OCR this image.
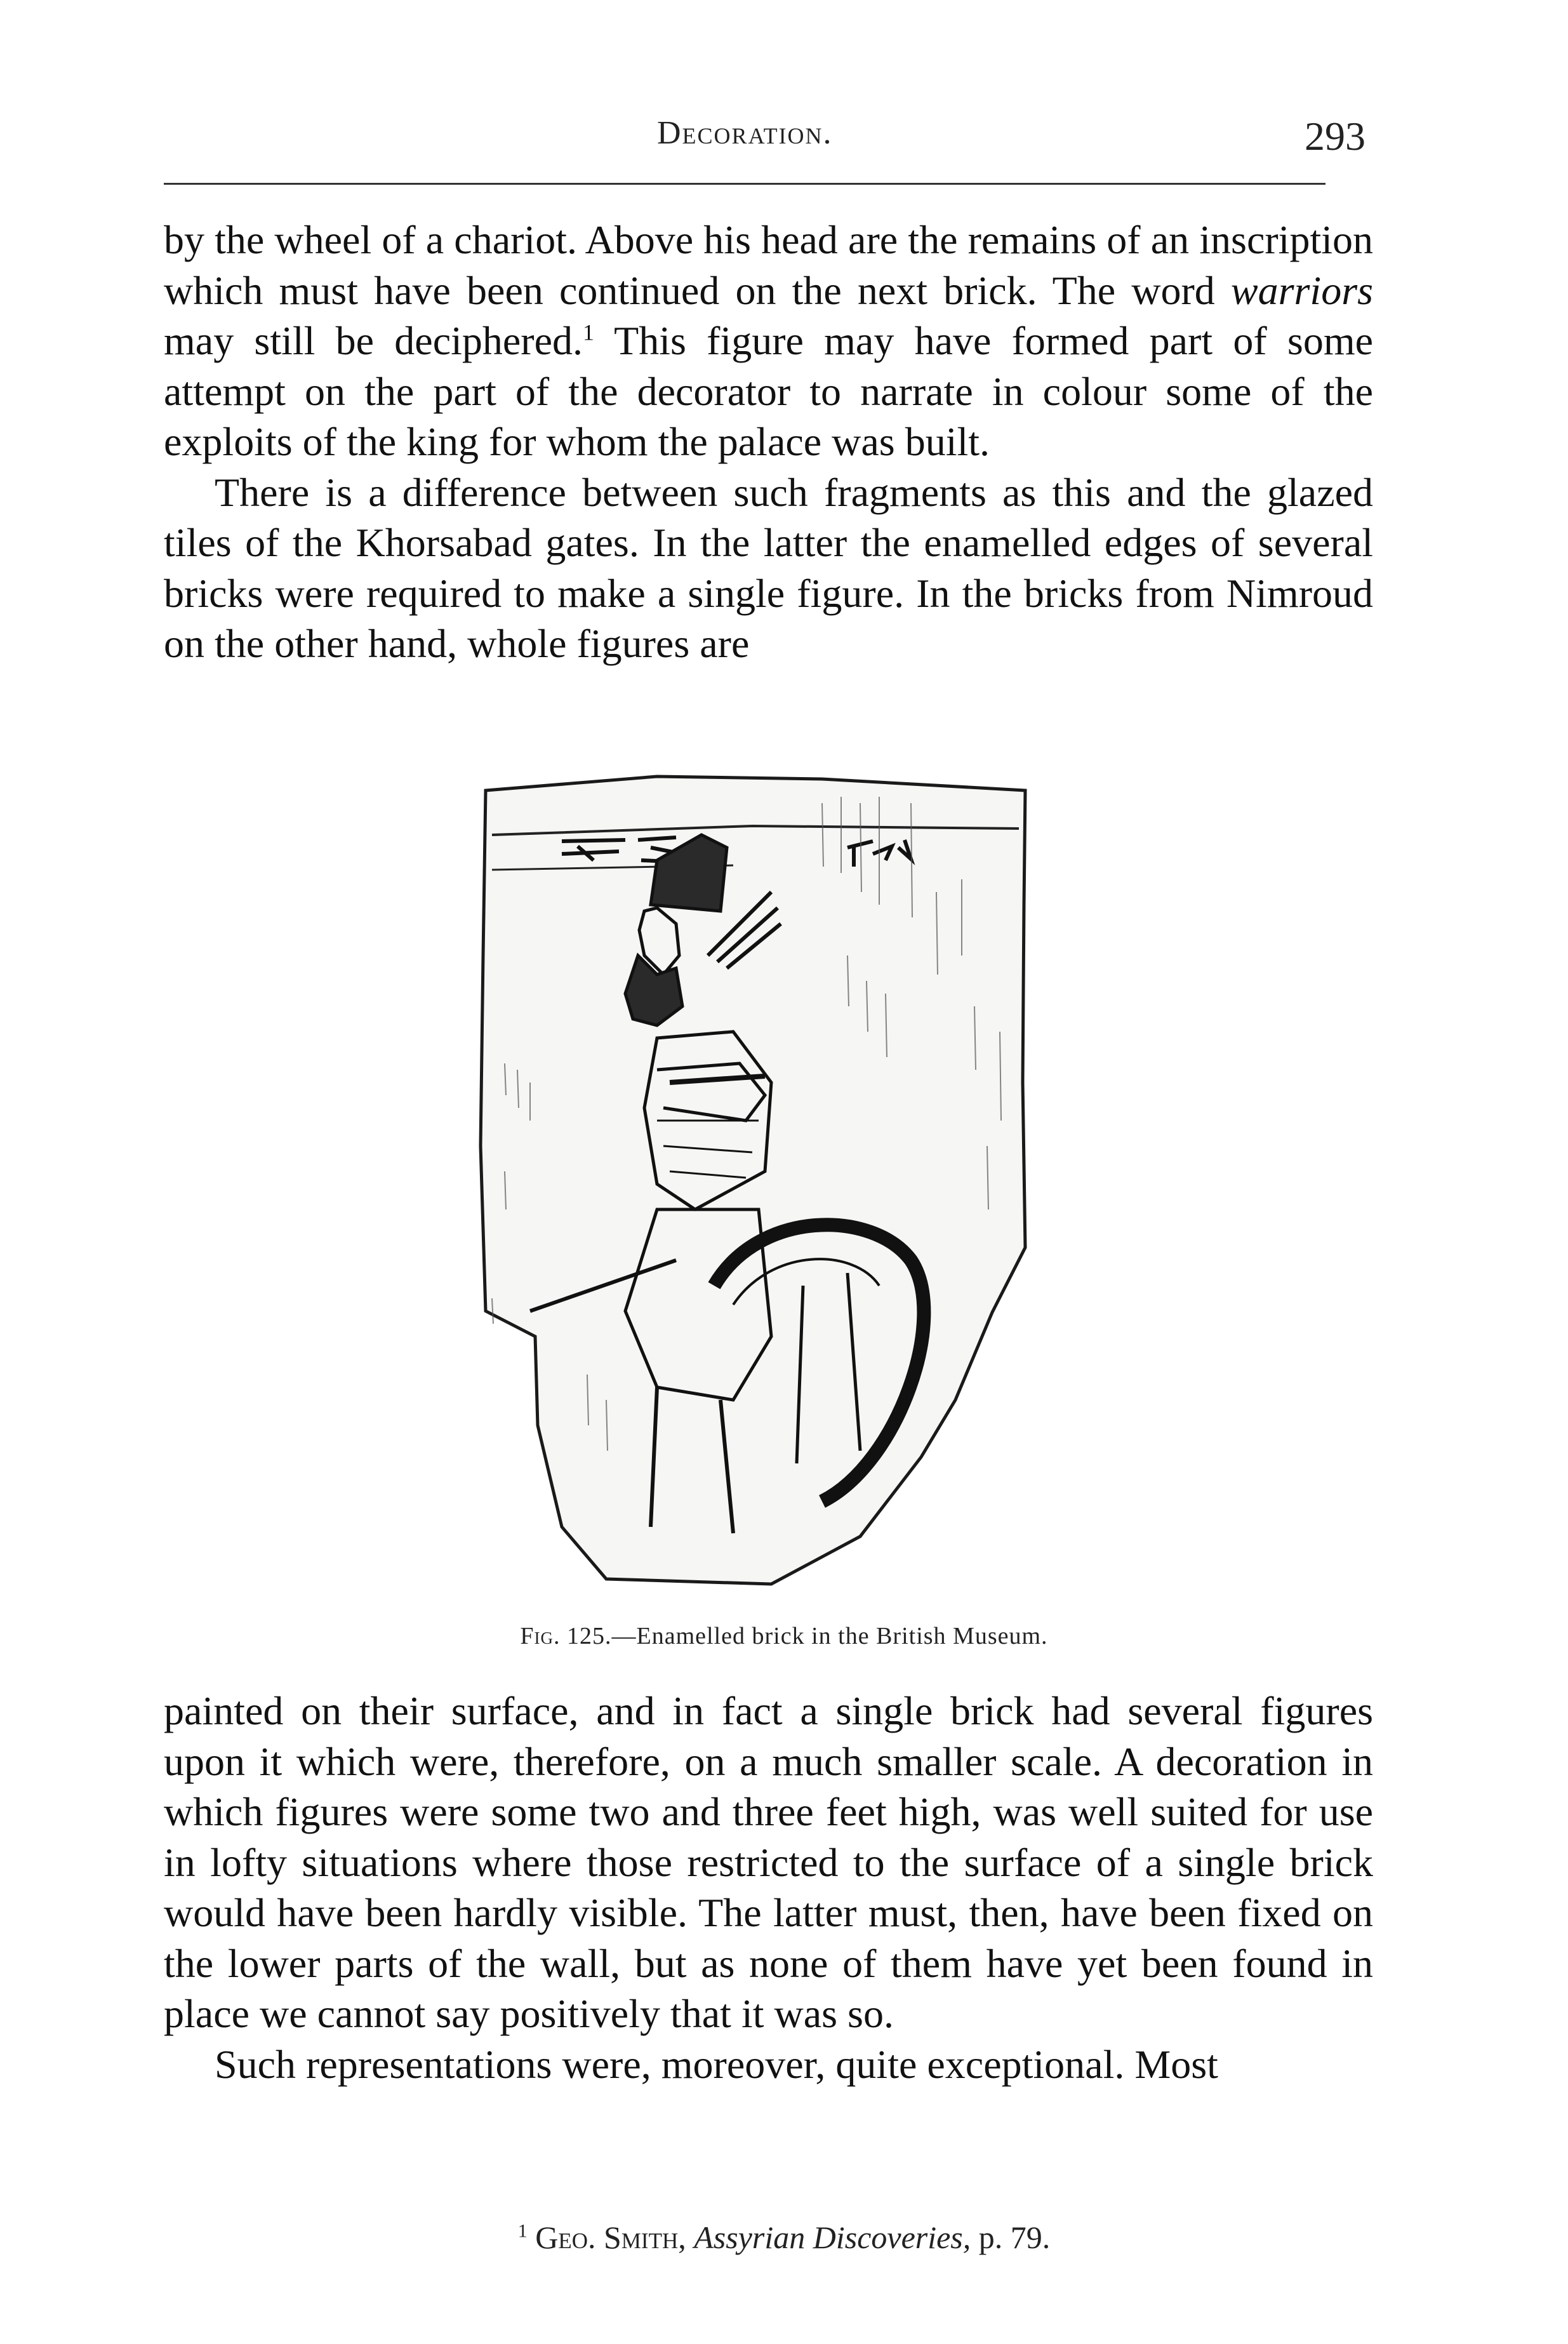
Decoration.	293

by the wheel of a chariot. Above his head are the remains of an inscription which must have been continued on the next brick. The word warriors may still be deciphered.$^1$ This figure may have formed part of some attempt on the part of the decorator to narrate in colour some of the exploits of the king for whom the palace was built.

There is a difference between such fragments as this and the glazed tiles of the Khorsabad gates. In the latter the enamelled edges of several bricks were required to make a single figure. In the bricks from Nimroud on the other hand, whole figures are

Fig. 125.—Enamelled brick in the British Museum.

painted on their surface, and in fact a single brick had several figures upon it which were, therefore, on a much smaller scale. A decoration in which figures were some two and three feet high, was well suited for use in lofty situations where those restricted to the surface of a single brick would have been hardly visible. The latter must, then, have been fixed on the lower parts of the wall, but as none of them have yet been found in place we cannot say positively that it was so.

Such representations were, moreover, quite exceptional. Most

$^1$ Geo. Smith, Assyrian Discoveries, p. 79.
